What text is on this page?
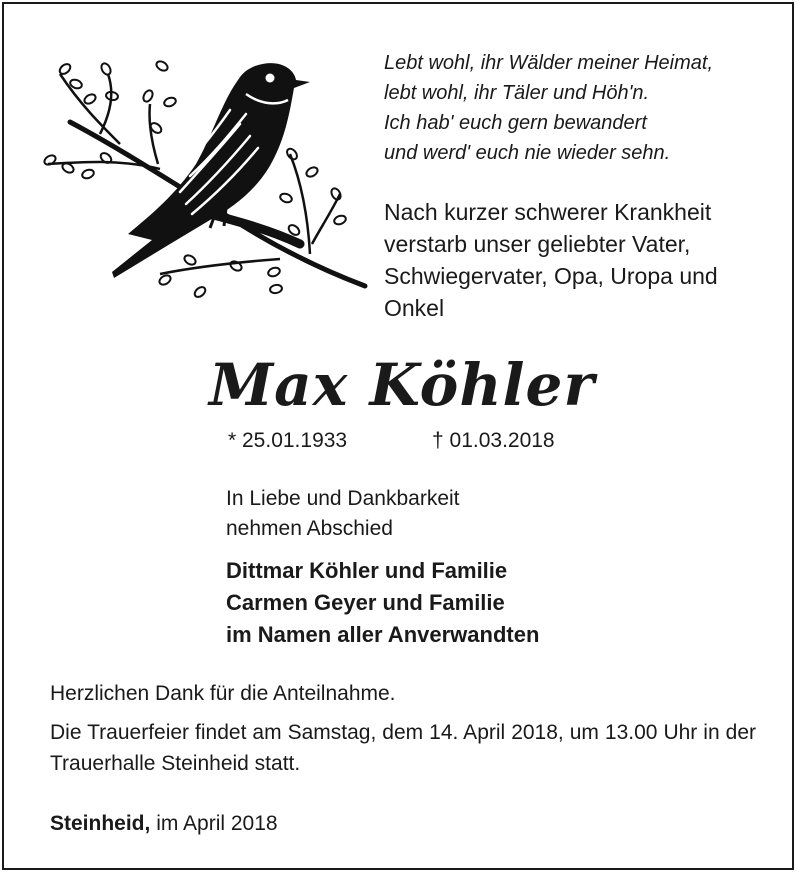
Lebt wohl, ihr Wälder meiner Heimat,
lebt wohl, ihr Täler und Höh'n.
Ich hab' euch gern bewandert
und werd' euch nie wieder sehn.
Nach kurzer schwerer Krankheit
verstarb unser geliebter Vater,
Schwiegervater, Opa, Uropa und
Onkel
Max Köhler
* 25.01.1933	† 01.03.2018
In Liebe und Dankbarkeit
nehmen Abschied
Dittmar Köhler und Familie
Carmen Geyer und Familie
im Namen aller Anverwandten
Herzlichen Dank für die Anteilnahme.
Die Trauerfeier findet am Samstag, dem 14. April 2018, um 13.00 Uhr in der Trauerhalle Steinheid statt.
Steinheid, im April 2018
